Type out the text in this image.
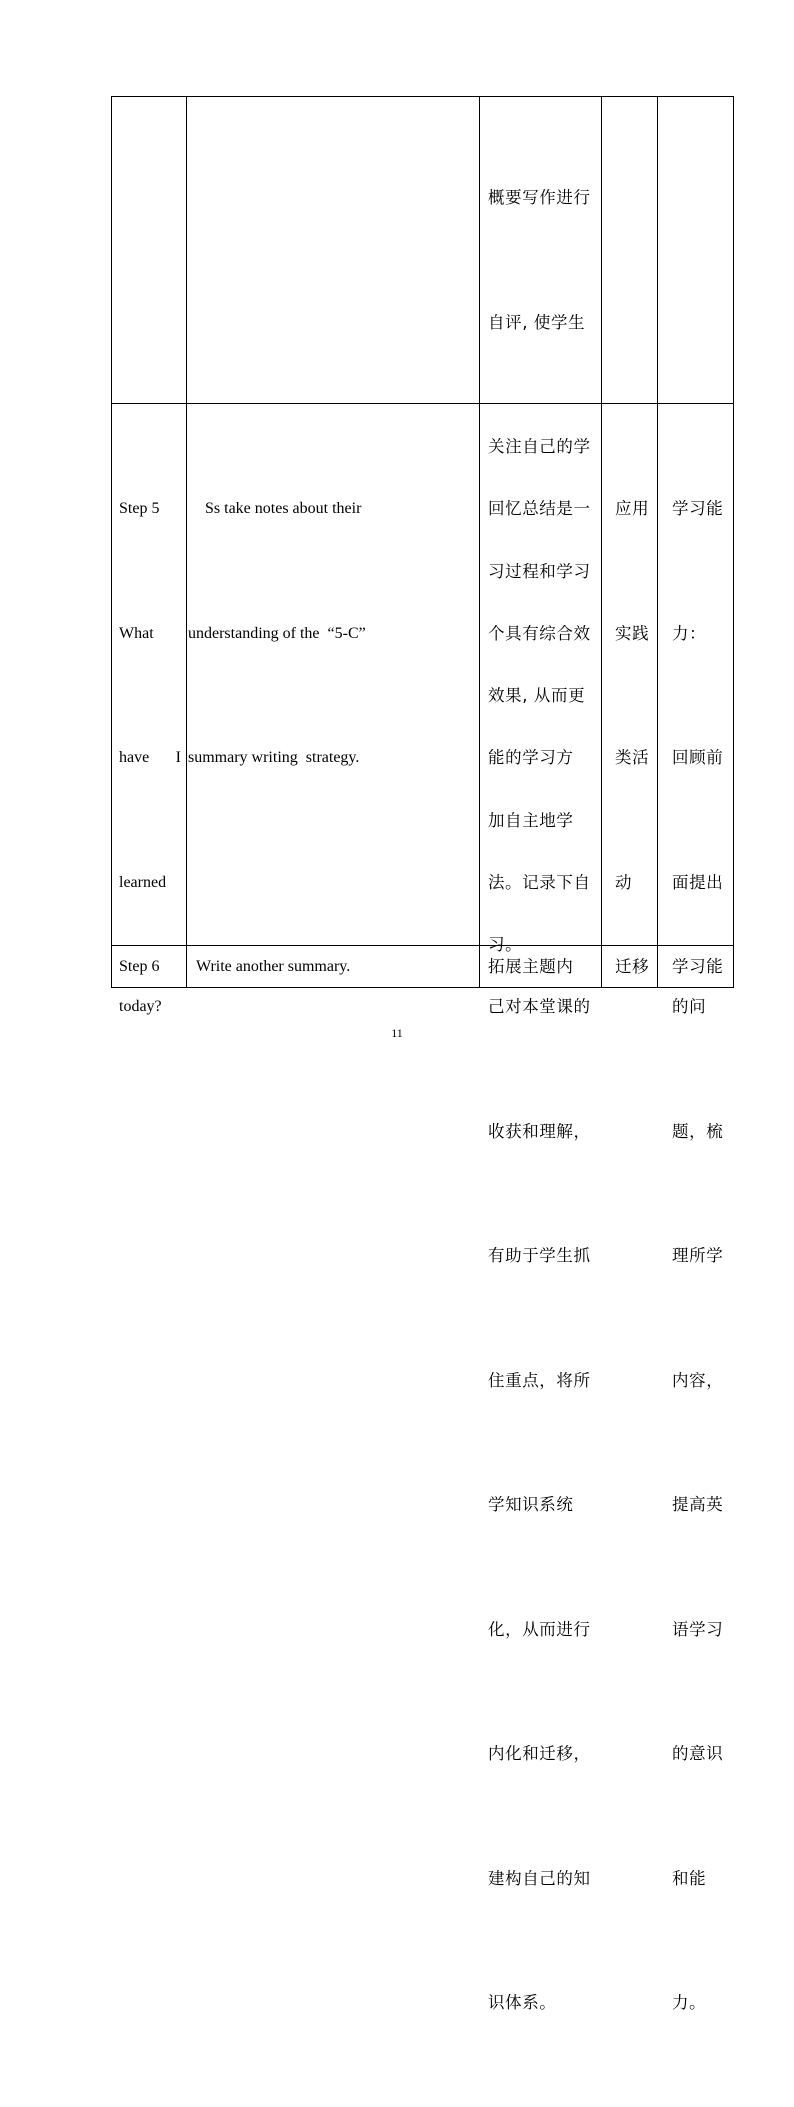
概要写作进行

自评, 使学生

关注自己的学

习过程和学习

效果, 从而更

加自主地学

习。

Step 5

What

have I

learned

today?

Ss take notes about their

understanding of the  “5-C”

summary writing  strategy.

回忆总结是一

个具有综合效

能的学习方

法。记录下自

己对本堂课的

收获和理解，

有助于学生抓

住重点，将所

学知识系统

化，从而进行

内化和迁移，

建构自己的知

识体系。

应用

实践

类活

动

学习能

力：

回顾前

面提出

的问

题，梳

理所学

内容，

提高英

语学习

的意识

和能

力。

Step 6 Write another summary.	拓展主题内	迁移 学习能
11
